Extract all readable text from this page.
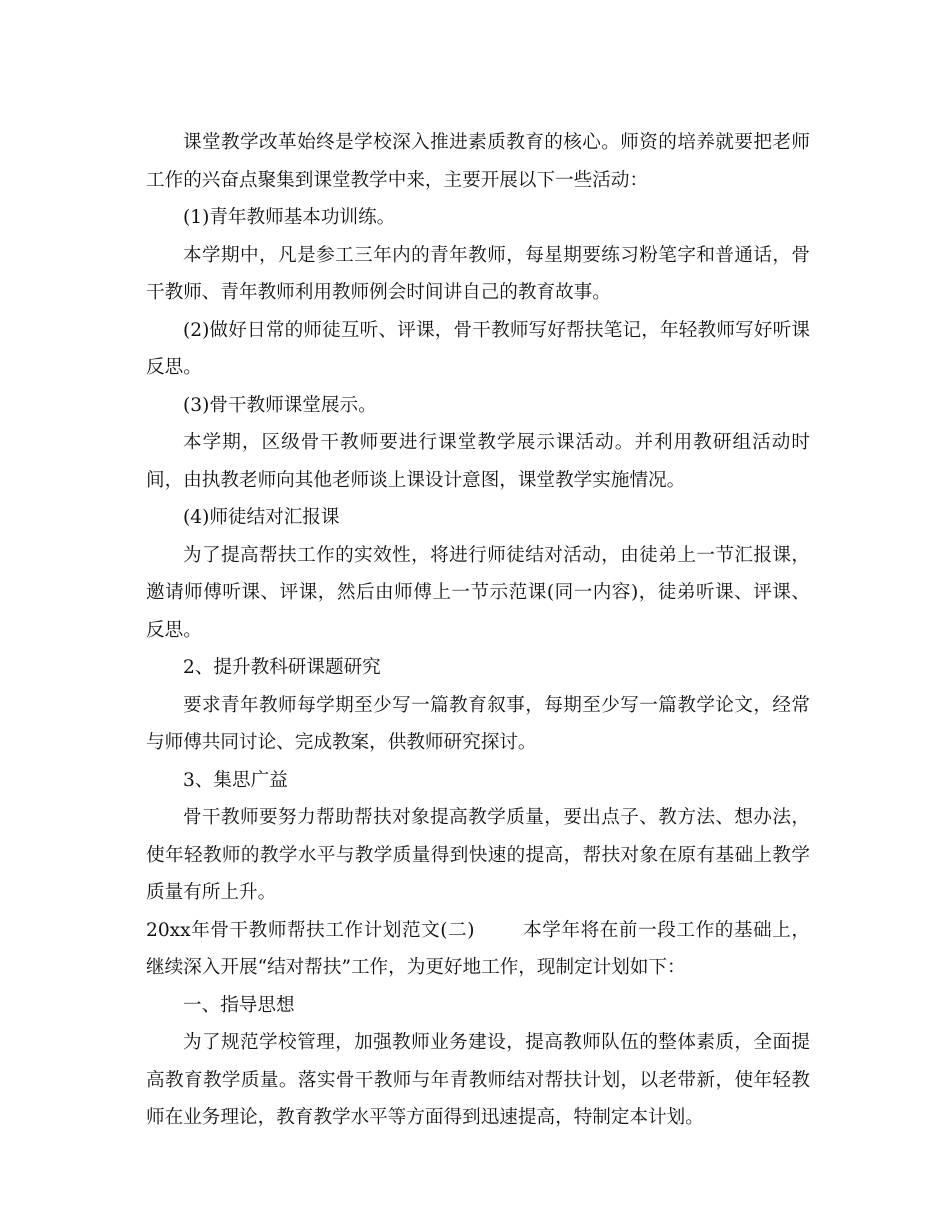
课堂教学改革始终是学校深入推进素质教育的核心。师资的培养就要把老师工作的兴奋点聚集到课堂教学中来，主要开展以下一些活动：

(1)青年教师基本功训练。

本学期中，凡是参工三年内的青年教师，每星期要练习粉笔字和普通话，骨干教师、青年教师利用教师例会时间讲自己的教育故事。

(2)做好日常的师徒互听、评课，骨干教师写好帮扶笔记，年轻教师写好听课反思。

(3)骨干教师课堂展示。

本学期，区级骨干教师要进行课堂教学展示课活动。并利用教研组活动时间，由执教老师向其他老师谈上课设计意图，课堂教学实施情况。

(4)师徒结对汇报课

为了提高帮扶工作的实效性，将进行师徒结对活动，由徒弟上一节汇报课，邀请师傅听课、评课，然后由师傅上一节示范课(同一内容)，徒弟听课、评课、反思。

2、提升教科研课题研究

要求青年教师每学期至少写一篇教育叙事，每期至少写一篇教学论文，经常与师傅共同讨论、完成教案，供教师研究探讨。

3、集思广益

骨干教师要努力帮助帮扶对象提高教学质量，要出点子、教方法、想办法，使年轻教师的教学水平与教学质量得到快速的提高，帮扶对象在原有基础上教学质量有所上升。

20xx年骨干教师帮扶工作计划范文(二)	本学年将在前一段工作的基础上，继续深入开展“结对帮扶”工作，为更好地工作，现制定计划如下：

一、指导思想

为了规范学校管理，加强教师业务建设，提高教师队伍的整体素质，全面提高教育教学质量。落实骨干教师与年青教师结对帮扶计划，以老带新，使年轻教师在业务理论，教育教学水平等方面得到迅速提高，特制定本计划。
